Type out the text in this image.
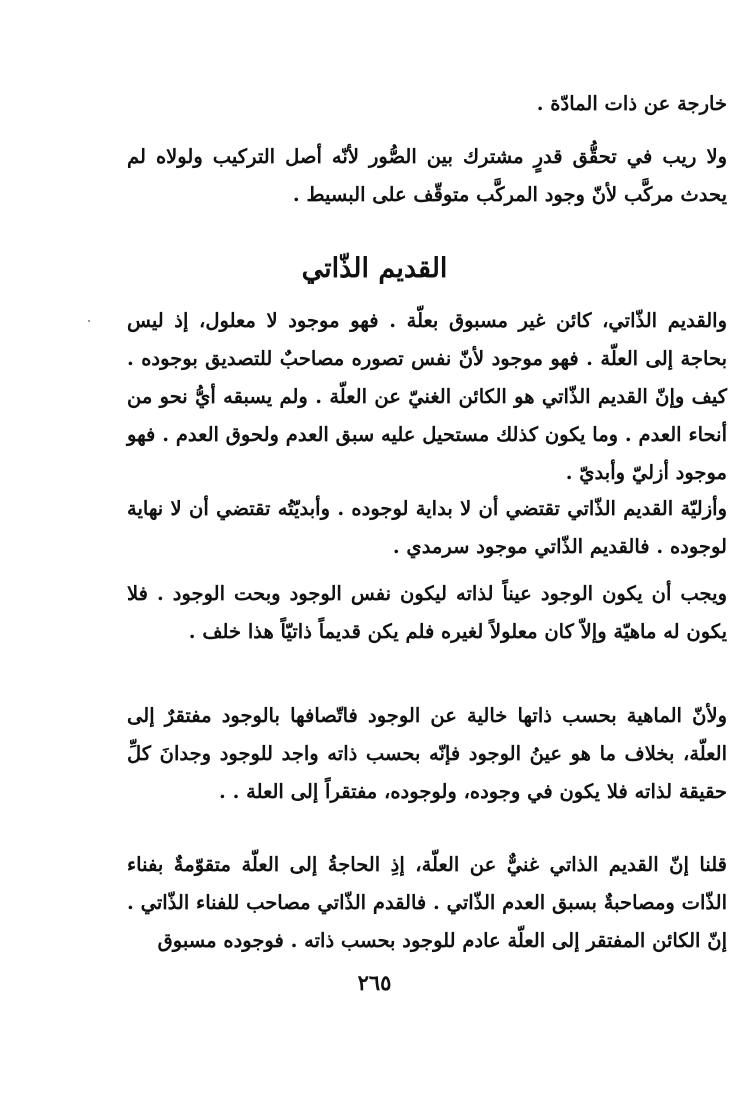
خارجة عن ذات المادّة .

ولا ريب في تحقُّق قدرٍ مشترك بين الصُّور لأنّه أصل التركيب ولولاه لم يحدث مركَّب لأنّ وجود المركَّب متوقّف على البسيط .

القديم الذّاتي

والقديم الذّاتي، كائن غير مسبوق بعلّة . فهو موجود لا معلول، إذ ليس بحاجة إلى العلّة . فهو موجود لأنّ نفس تصوره مصاحبٌ للتصديق بوجوده . كيف وإنّ القديم الذّاتي هو الكائن الغنيّ عن العلّة . ولم يسبقه أيُّ نحو من أنحاء العدم . وما يكون كذلك مستحيل عليه سبق العدم ولحوق العدم . فهو موجود أزليّ وأبديّ .

وأزليّة القديم الذّاتي تقتضي أن لا بداية لوجوده . وأبديّتُه تقتضي أن لا نهاية لوجوده . فالقديم الذّاتي موجود سرمدي .

ويجب أن يكون الوجود عيناً لذاته ليكون نفس الوجود وبحت الوجود . فلا يكون له ماهيّة وإلاّ كان معلولاً لغيره فلم يكن قديماً ذاتيّاً هذا خلف .

ولأنّ الماهية بحسب ذاتها خالية عن الوجود فاتّصافها بالوجود مفتقرٌ إلى العلّة، بخلاف ما هو عينُ الوجود فإنّه بحسب ذاته واجد للوجود وجدانَ كلِّ حقيقة لذاته فلا يكون في وجوده، ولوجوده، مفتقراً إلى العلة . .

قلنا إنّ القديم الذاتي غنيٌّ عن العلّة، إذِ الحاجةُ إلى العلّة متقوّمةٌ بفناء الذّات ومصاحبةٌ بسبق العدم الذّاتي . فالقدم الذّاتي مصاحب للفناء الذّاتي .

إنّ الكائن المفتقر إلى العلّة عادم للوجود بحسب ذاته . فوجوده مسبوق

٢٦٥
